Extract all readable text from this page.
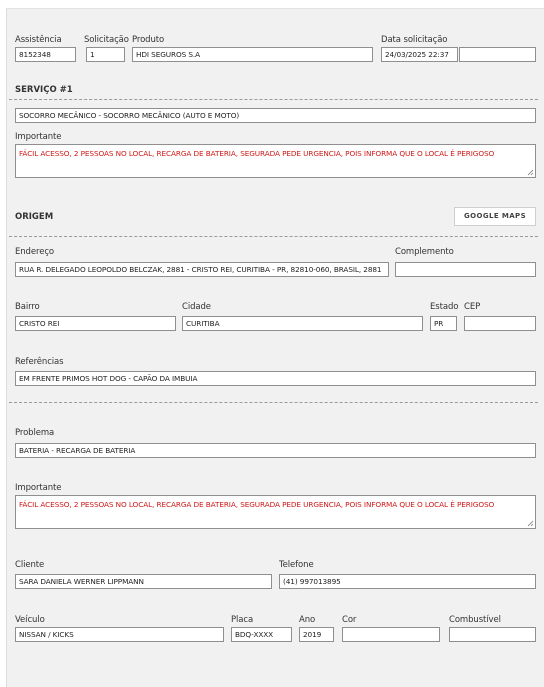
Assistência
8152348
Solicitação
1
Produto
HDI SEGUROS S.A
Data solicitação
24/03/2025 22:37
SERVIÇO #1
SOCORRO MECÂNICO - SOCORRO MECÂNICO (AUTO E MOTO)
Importante
FÁCIL ACESSO, 2 PESSOAS NO LOCAL, RECARGA DE BATERIA, SEGURADA PEDE URGENCIA, POIS INFORMA QUE O LOCAL É PERIGOSO
ORIGEM	GOOGLE MAPS
Endereço
RUA R. DELEGADO LEOPOLDO BELCZAK, 2881 - CRISTO REI, CURITIBA - PR, 82810-060, BRASIL, 2881
Complemento
Bairro
CRISTO REI
Cidade
CURITIBA
Estado
PR
CEP
Referências
EM FRENTE PRIMOS HOT DOG - CAPÃO DA IMBUIA
Problema
BATERIA - RECARGA DE BATERIA
Importante
FÁCIL ACESSO, 2 PESSOAS NO LOCAL, RECARGA DE BATERIA, SEGURADA PEDE URGENCIA, POIS INFORMA QUE O LOCAL É PERIGOSO
Cliente
SARA DANIELA WERNER LIPPMANN
Telefone
(41) 997013895
Veículo
NISSAN / KICKS
Placa
BDQ-XXXX
Ano
2019
Cor	Combustível
